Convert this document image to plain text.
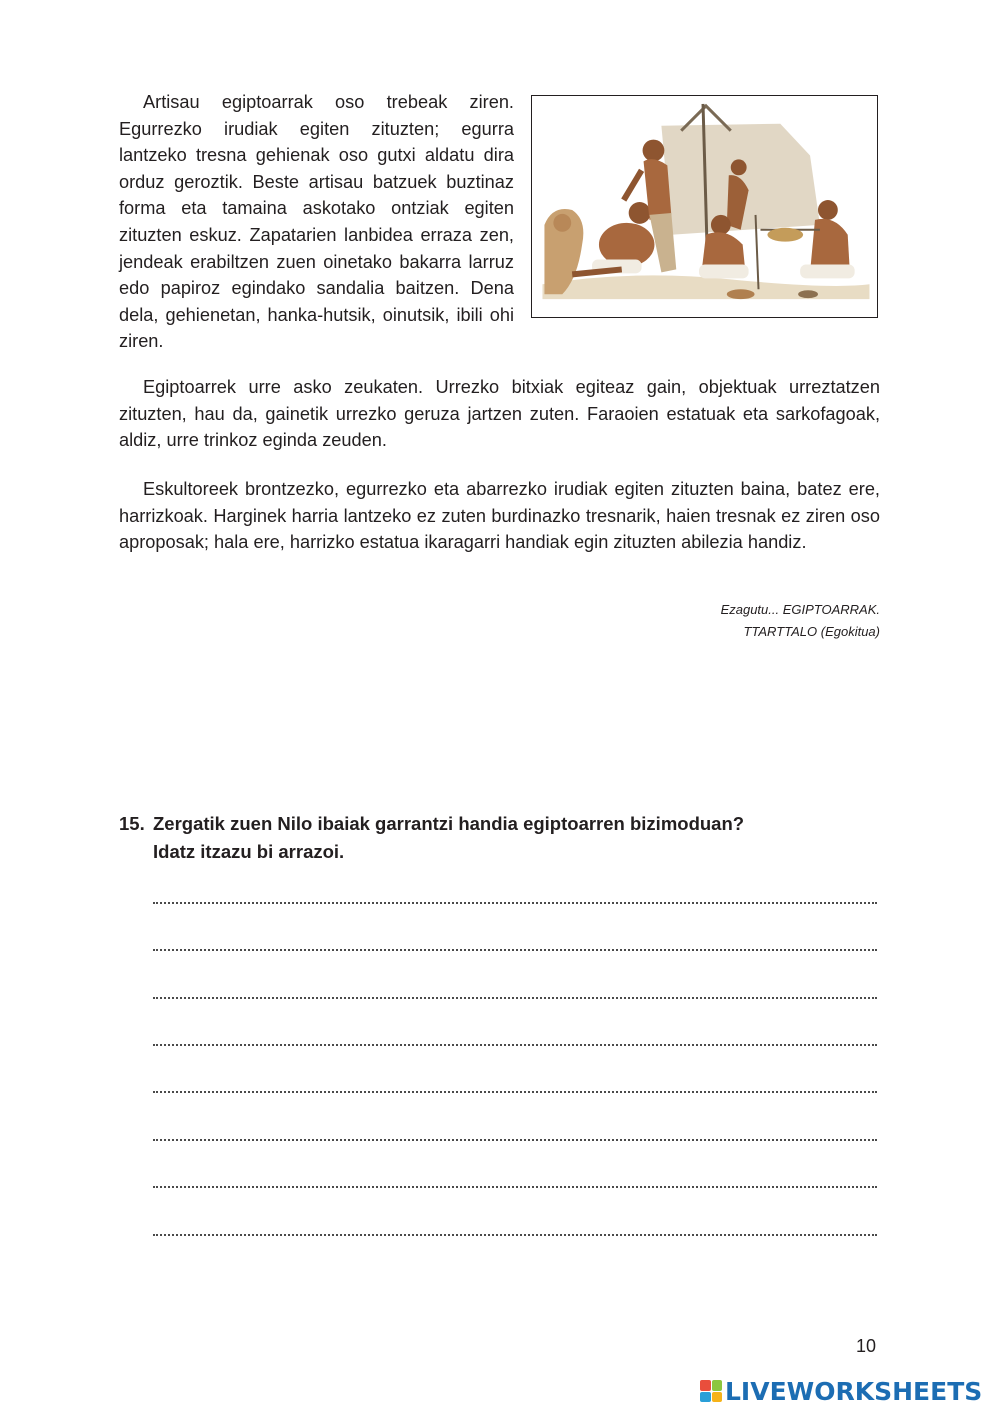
Artisau egiptoarrak oso trebeak ziren. Egurrezko irudiak egiten zituzten; egurra lantzeko tresna gehienak oso gutxi aldatu dira orduz geroztik. Beste artisau batzuek buztinaz forma eta tamaina askotako ontziak egiten zituzten eskuz. Zapatarien lanbidea erraza zen, jendeak erabiltzen zuen oinetako bakarra larruz edo papiroz egindako sandalia baitzen. Dena dela, gehienetan, hanka-hutsik, oinutsik, ibili ohi ziren.

Egiptoarrek urre asko zeukaten. Urrezko bitxiak egiteaz gain, objektuak urreztatzen zituzten, hau da, gainetik urrezko geruza jartzen zuten. Faraoien estatuak eta sarkofagoak, aldiz, urre trinkoz eginda zeuden.

Eskultoreek brontzezko, egurrezko eta abarrezko irudiak egiten zituzten baina, batez ere, harrizkoak. Harginek harria lantzeko ez zuten burdinazko tresnarik, haien tresnak ez ziren oso aproposak; hala ere, harrizko estatua ikaragarri handiak egin zituzten abilezia handiz.

Ezagutu... EGIPTOARRAK.
TTARTTALO (Egokitua)
15. Zergatik zuen Nilo ibaiak garrantzi handia egiptoarren bizimoduan?
Idatz itzazu bi arrazoi.
10
LIVEWORKSHEETS
